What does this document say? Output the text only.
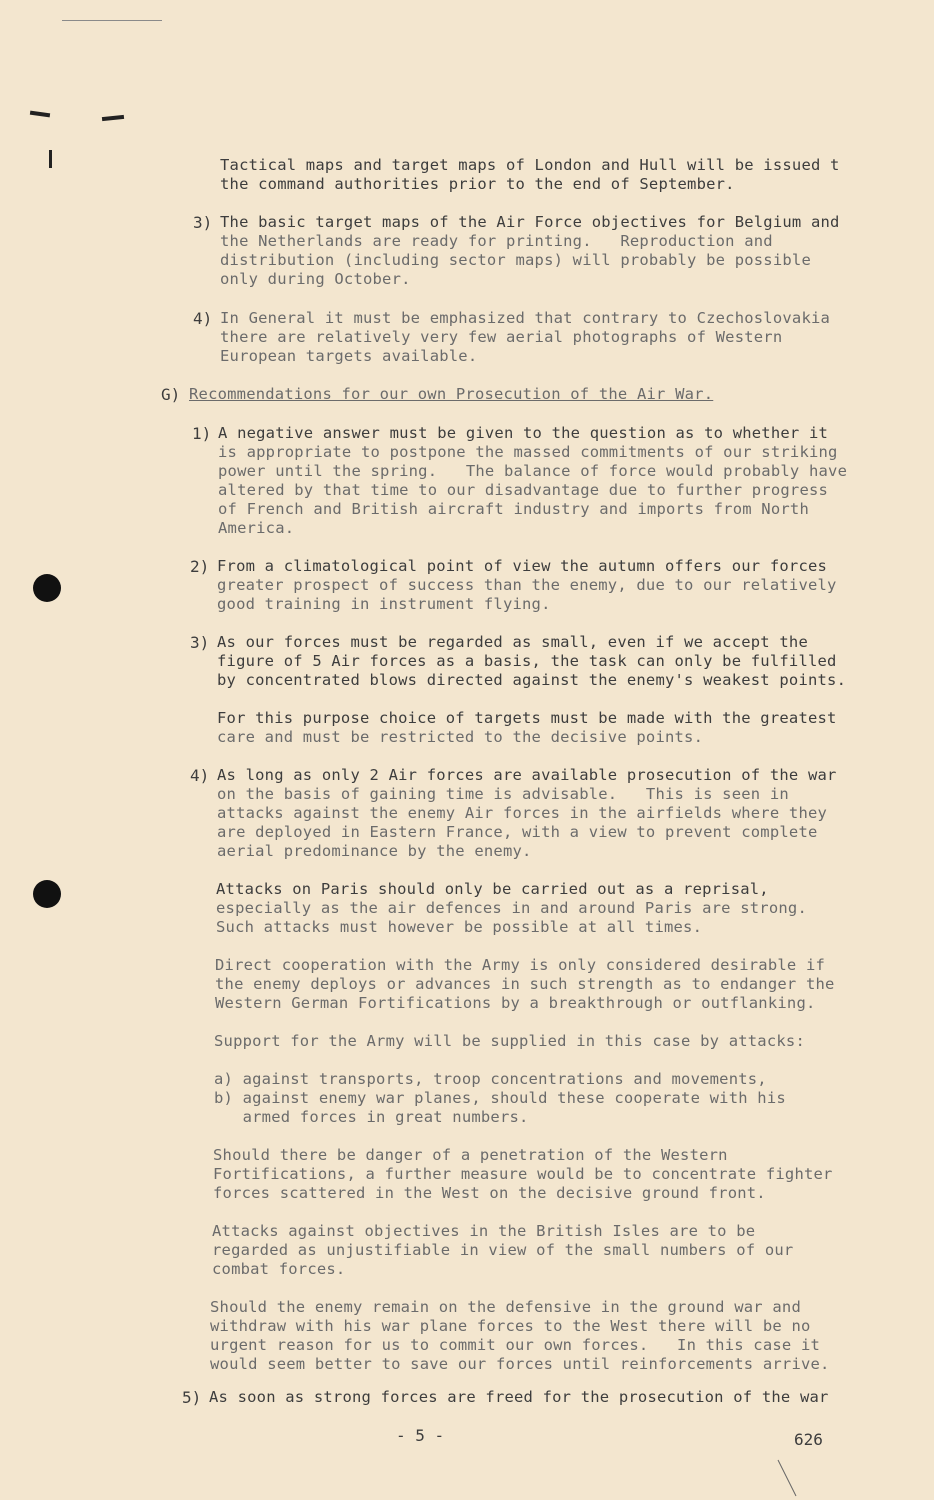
Tactical maps and target maps of London and Hull will be issued t
the command authorities prior to the end of September.
3) The basic target maps of the Air Force objectives for Belgium and
the Netherlands are ready for printing.   Reproduction and
distribution (including sector maps) will probably be possible
only during October.
4) In General it must be emphasized that contrary to Czechoslovakia
there are relatively very few aerial photographs of Western
European targets available.
G) Recommendations for our own Prosecution of the Air War.
1) A negative answer must be given to the question as to whether it
is appropriate to postpone the massed commitments of our striking
power until the spring.   The balance of force would probably have
altered by that time to our disadvantage due to further progress
of French and British aircraft industry and imports from North
America.
2) From a climatological point of view the autumn offers our forces
greater prospect of success than the enemy, due to our relatively
good training in instrument flying.
3) As our forces must be regarded as small, even if we accept the
figure of 5 Air forces as a basis, the task can only be fulfilled
by concentrated blows directed against the enemy's weakest points.
For this purpose choice of targets must be made with the greatest
care and must be restricted to the decisive points.
4) As long as only 2 Air forces are available prosecution of the war
on the basis of gaining time is advisable.   This is seen in
attacks against the enemy Air forces in the airfields where they
are deployed in Eastern France, with a view to prevent complete
aerial predominance by the enemy.
Attacks on Paris should only be carried out as a reprisal,
especially as the air defences in and around Paris are strong.
Such attacks must however be possible at all times.
Direct cooperation with the Army is only considered desirable if
the enemy deploys or advances in such strength as to endanger the
Western German Fortifications by a breakthrough or outflanking.
Support for the Army will be supplied in this case by attacks:
a) against transports, troop concentrations and movements,
b) against enemy war planes, should these cooperate with his
armed forces in great numbers.
Should there be danger of a penetration of the Western
Fortifications, a further measure would be to concentrate fighter
forces scattered in the West on the decisive ground front.
Attacks against objectives in the British Isles are to be
regarded as unjustifiable in view of the small numbers of our
combat forces.
Should the enemy remain on the defensive in the ground war and
withdraw with his war plane forces to the West there will be no
urgent reason for us to commit our own forces.   In this case it
would seem better to save our forces until reinforcements arrive.
5) As soon as strong forces are freed for the prosecution of the war
- 5 -	626
